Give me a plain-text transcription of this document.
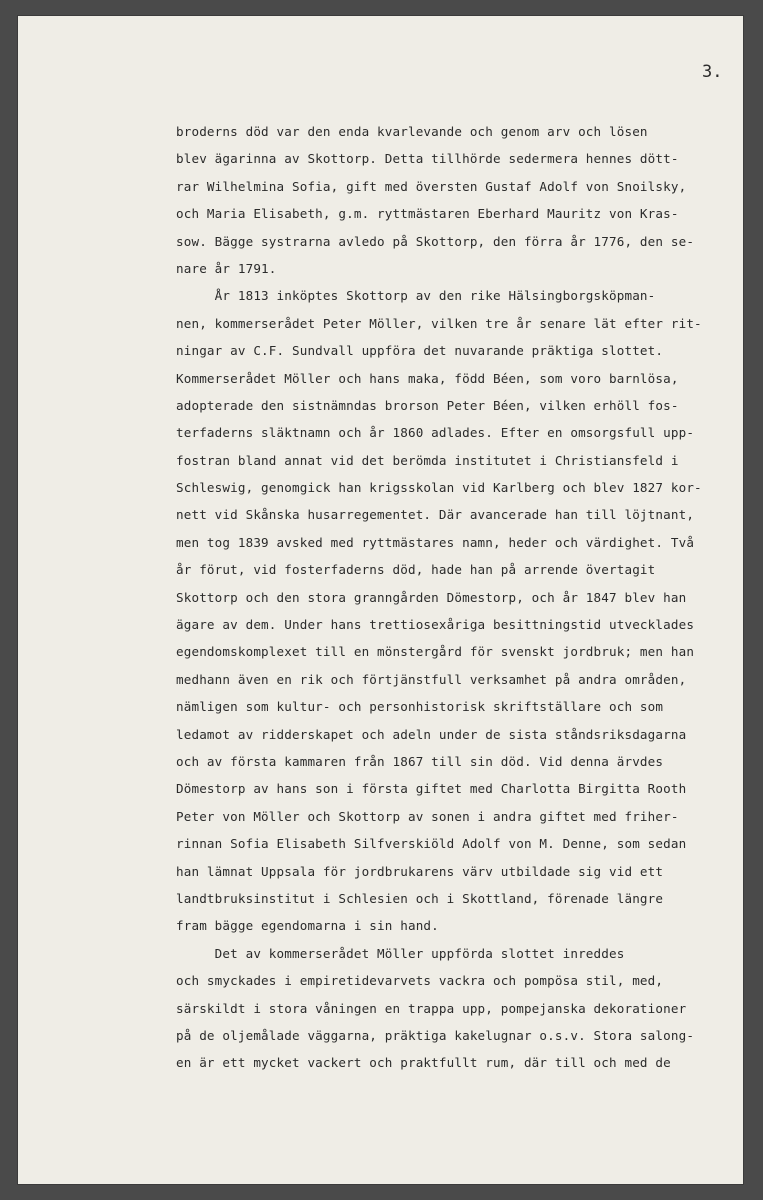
3.
broderns död var den enda kvarlevande och genom arv och lösen
blev ägarinna av Skottorp. Detta tillhörde sedermera hennes dött-
rar Wilhelmina Sofia, gift med översten Gustaf Adolf von Snoilsky,
och Maria Elisabeth, g.m. ryttmästaren Eberhard Mauritz von Kras-
sow. Bägge systrarna avledo på Skottorp, den förra år 1776, den se-
nare år 1791.
År 1813 inköptes Skottorp av den rike Hälsingborgsköpman-
nen, kommerserådet Peter Möller, vilken tre år senare lät efter rit-
ningar av C.F. Sundvall uppföra det nuvarande präktiga slottet.
Kommerserådet Möller och hans maka, född Béen, som voro barnlösa,
adopterade den sistnämndas brorson Peter Béen, vilken erhöll fos-
terfaderns släktnamn och år 1860 adlades. Efter en omsorgsfull upp-
fostran bland annat vid det berömda institutet i Christiansfeld i
Schleswig, genomgick han krigsskolan vid Karlberg och blev 1827 kor-
nett vid Skånska husarregementet. Där avancerade han till löjtnant,
men tog 1839 avsked med ryttmästares namn, heder och värdighet. Två
år förut, vid fosterfaderns död, hade han på arrende övertagit
Skottorp och den stora granngården Dömestorp, och år 1847 blev han
ägare av dem. Under hans trettiosexåriga besittningstid utvecklades
egendomskomplexet till en mönstergård för svenskt jordbruk; men han
medhann även en rik och förtjänstfull verksamhet på andra områden,
nämligen som kultur- och personhistorisk skriftställare och som
ledamot av ridderskapet och adeln under de sista ståndsriksdagarna
och av första kammaren från 1867 till sin död. Vid denna ärvdes
Dömestorp av hans son i första giftet med Charlotta Birgitta Rooth
Peter von Möller och Skottorp av sonen i andra giftet med friher-
rinnan Sofia Elisabeth Silfverskiöld Adolf von M. Denne, som sedan
han lämnat Uppsala för jordbrukarens värv utbildade sig vid ett
landtbruksinstitut i Schlesien och i Skottland, förenade längre
fram bägge egendomarna i sin hand.
Det av kommerserådet Möller uppförda slottet inreddes
och smyckades i empiretidevarvets vackra och pompösa stil, med,
särskildt i stora våningen en trappa upp, pompejanska dekorationer
på de oljemålade väggarna, präktiga kakelugnar o.s.v. Stora salong-
en är ett mycket vackert och praktfullt rum, där till och med de
